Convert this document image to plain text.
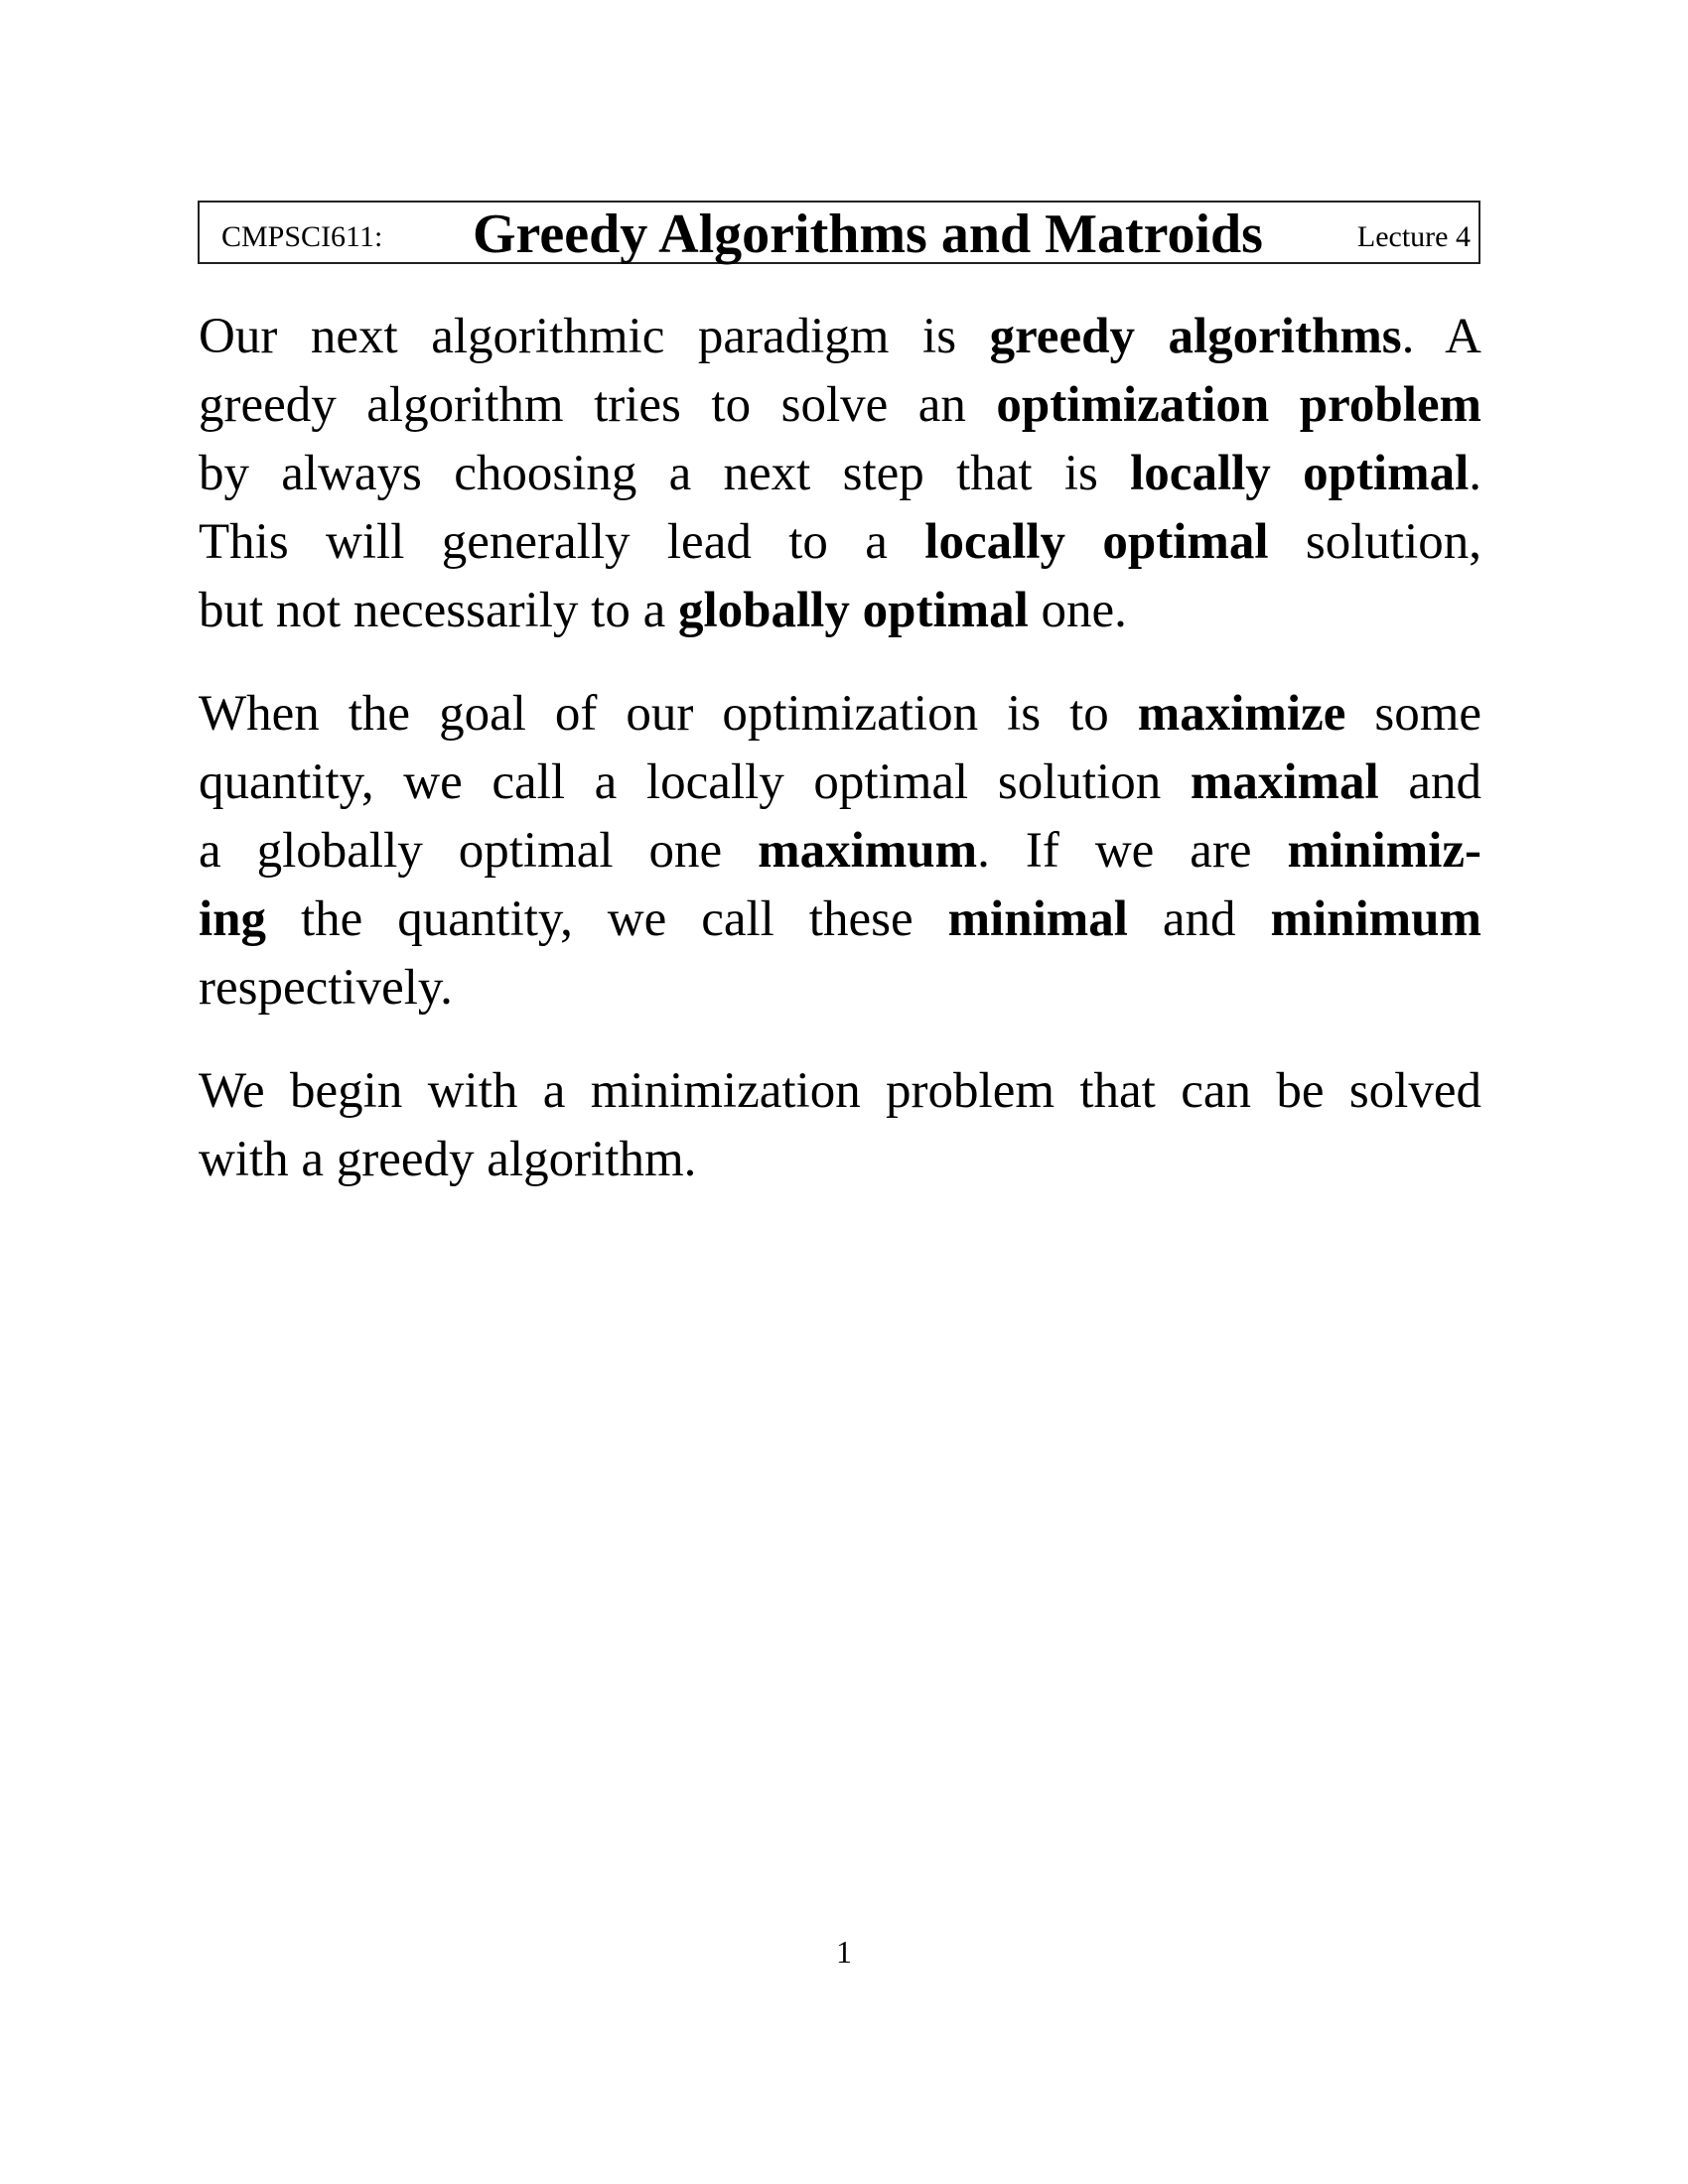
CMPSCI611: Greedy Algorithms and Matroids	Lecture 4
Our next algorithmic paradigm is greedy algorithms. A
greedy algorithm tries to solve an optimization problem
by always choosing a next step that is locally optimal.
This will generally lead to a locally optimal solution,
but not necessarily to a globally optimal one.
When the goal of our optimization is to maximize some
quantity, we call a locally optimal solution maximal and
a globally optimal one maximum. If we are minimiz-
ing the quantity, we call these minimal and minimum
respectively.
We begin with a minimization problem that can be solved
with a greedy algorithm.
1
